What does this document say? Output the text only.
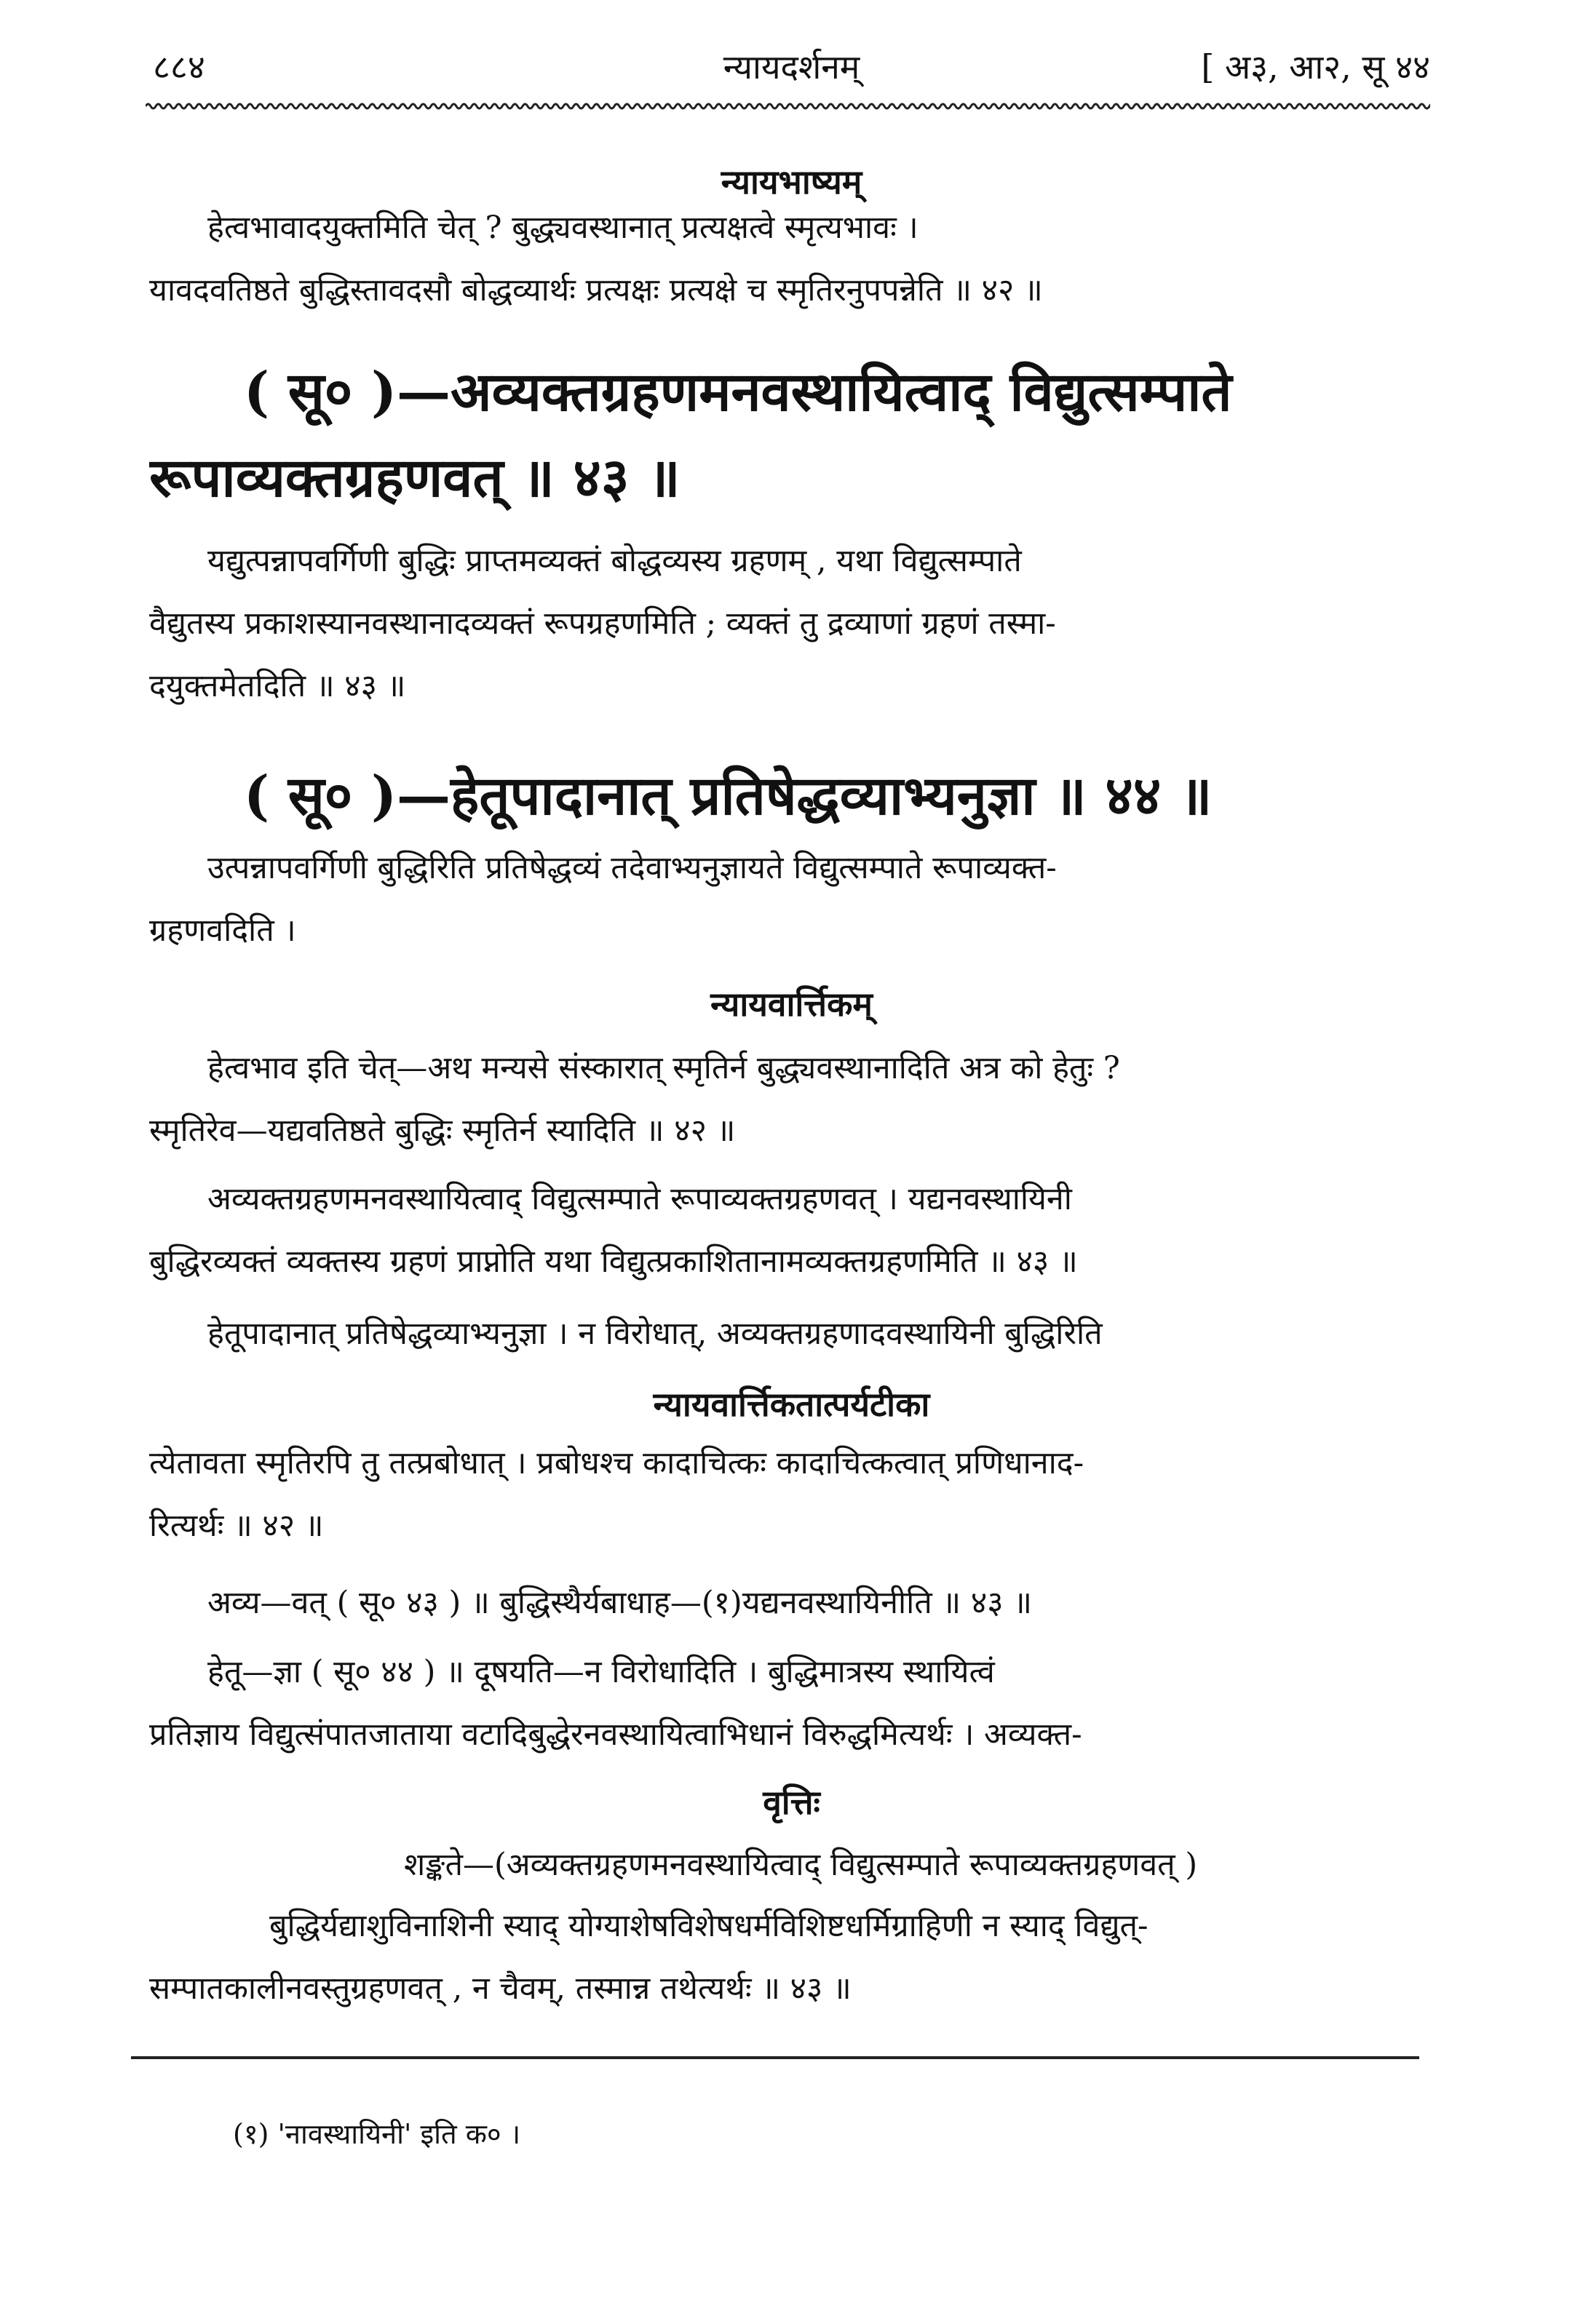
८८४	न्यायदर्शनम्	[ अ३, आ२, सू ४४
न्यायभाष्यम्
हेत्वभावादयुक्तमिति चेत् ? बुद्ध्यवस्थानात् प्रत्यक्षत्वे स्मृत्यभावः ।
यावदवतिष्ठते बुद्धिस्तावदसौ बोद्धव्यार्थः प्रत्यक्षः प्रत्यक्षे च स्मृतिरनुपपन्नेति ॥ ४२ ॥
( सू० )—अव्यक्तग्रहणमनवस्थायित्वाद् विद्युत्सम्पाते
रूपाव्यक्तग्रहणवत् ॥ ४३ ॥
यद्युत्पन्नापवर्गिणी बुद्धिः प्राप्तमव्यक्तं बोद्धव्यस्य ग्रहणम् , यथा विद्युत्सम्पाते
वैद्युतस्य प्रकाशस्यानवस्थानादव्यक्तं रूपग्रहणमिति ; व्यक्तं तु द्रव्याणां ग्रहणं तस्मा-
दयुक्तमेतदिति ॥ ४३ ॥
( सू० )—हेतूपादानात् प्रतिषेद्धव्याभ्यनुज्ञा ॥ ४४ ॥
उत्पन्नापवर्गिणी बुद्धिरिति प्रतिषेद्धव्यं तदेवाभ्यनुज्ञायते विद्युत्सम्पाते रूपाव्यक्त-
ग्रहणवदिति ।
न्यायवार्त्तिकम्
हेत्वभाव इति चेत्—अथ मन्यसे संस्कारात् स्मृतिर्न बुद्ध्यवस्थानादिति अत्र को हेतुः ?
स्मृतिरेव—यद्यवतिष्ठते बुद्धिः स्मृतिर्न स्यादिति ॥ ४२ ॥
अव्यक्तग्रहणमनवस्थायित्वाद् विद्युत्सम्पाते रूपाव्यक्तग्रहणवत् । यद्यनवस्थायिनी
बुद्धिरव्यक्तं व्यक्तस्य ग्रहणं प्राप्नोति यथा विद्युत्प्रकाशितानामव्यक्तग्रहणमिति ॥ ४३ ॥
हेतूपादानात् प्रतिषेद्धव्याभ्यनुज्ञा । न विरोधात्, अव्यक्तग्रहणादवस्थायिनी बुद्धिरिति
न्यायवार्त्तिकतात्पर्यटीका
त्येतावता स्मृतिरपि तु तत्प्रबोधात् । प्रबोधश्च कादाचित्कः कादाचित्कत्वात् प्रणिधानाद-
रित्यर्थः ॥ ४२ ॥
अव्य—वत् ( सू० ४३ ) ॥ बुद्धिस्थैर्यबाधाह—(१)यद्यनवस्थायिनीति ॥ ४३ ॥
हेतू—ज्ञा ( सू० ४४ ) ॥ दूषयति—न विरोधादिति । बुद्धिमात्रस्य स्थायित्वं
प्रतिज्ञाय विद्युत्संपातजाताया वटादिबुद्धेरनवस्थायित्वाभिधानं विरुद्धमित्यर्थः । अव्यक्त-
वृत्तिः
शङ्कते—(अव्यक्तग्रहणमनवस्थायित्वाद् विद्युत्सम्पाते रूपाव्यक्तग्रहणवत् )
बुद्धिर्यद्याशुविनाशिनी स्याद् योग्याशेषविशेषधर्मविशिष्टधर्मिग्राहिणी न स्याद् विद्युत्-
सम्पातकालीनवस्तुग्रहणवत् , न चैवम्, तस्मान्न तथेत्यर्थः ॥ ४३ ॥
(१) 'नावस्थायिनी' इति क० ।
